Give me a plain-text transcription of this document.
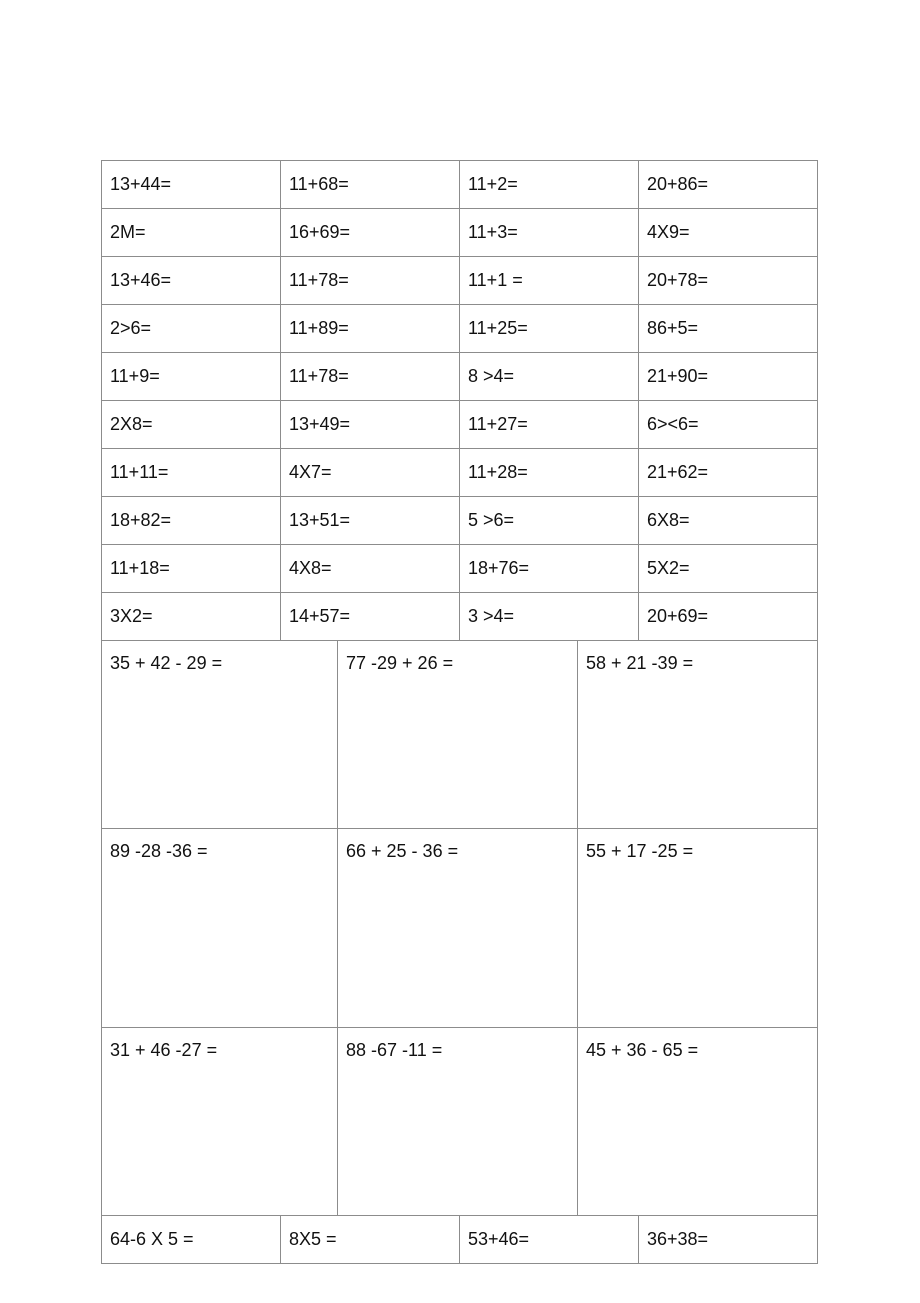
13+44=	11+68=	11+2=	20+86=
2M=	16+69=	11+3=	4X9=
13+46=	11+78=	11+1 =	20+78=
2>6=	11+89=	11+25=	86+5=
11+9=	11+78=	8 >4=	21+90=
2X8=	13+49=	11+27=	6><6=
11+11=	4X7=	11+28=	21+62=
18+82=	13+51=	5 >6=	6X8=
11+18=	4X8=	18+76=	5X2=
3X2=	14+57=	3 >4=	20+69=
35 + 42 - 29 =	77 -29 + 26 =	58 + 21 -39 =
89 -28 -36 =	66 + 25 - 36 =	55 + 17 -25 =
31 + 46 -27 =	88 -67 -11 =	45 + 36 - 65 =
64-6 X 5 =	8X5 =	53+46=	36+38=
